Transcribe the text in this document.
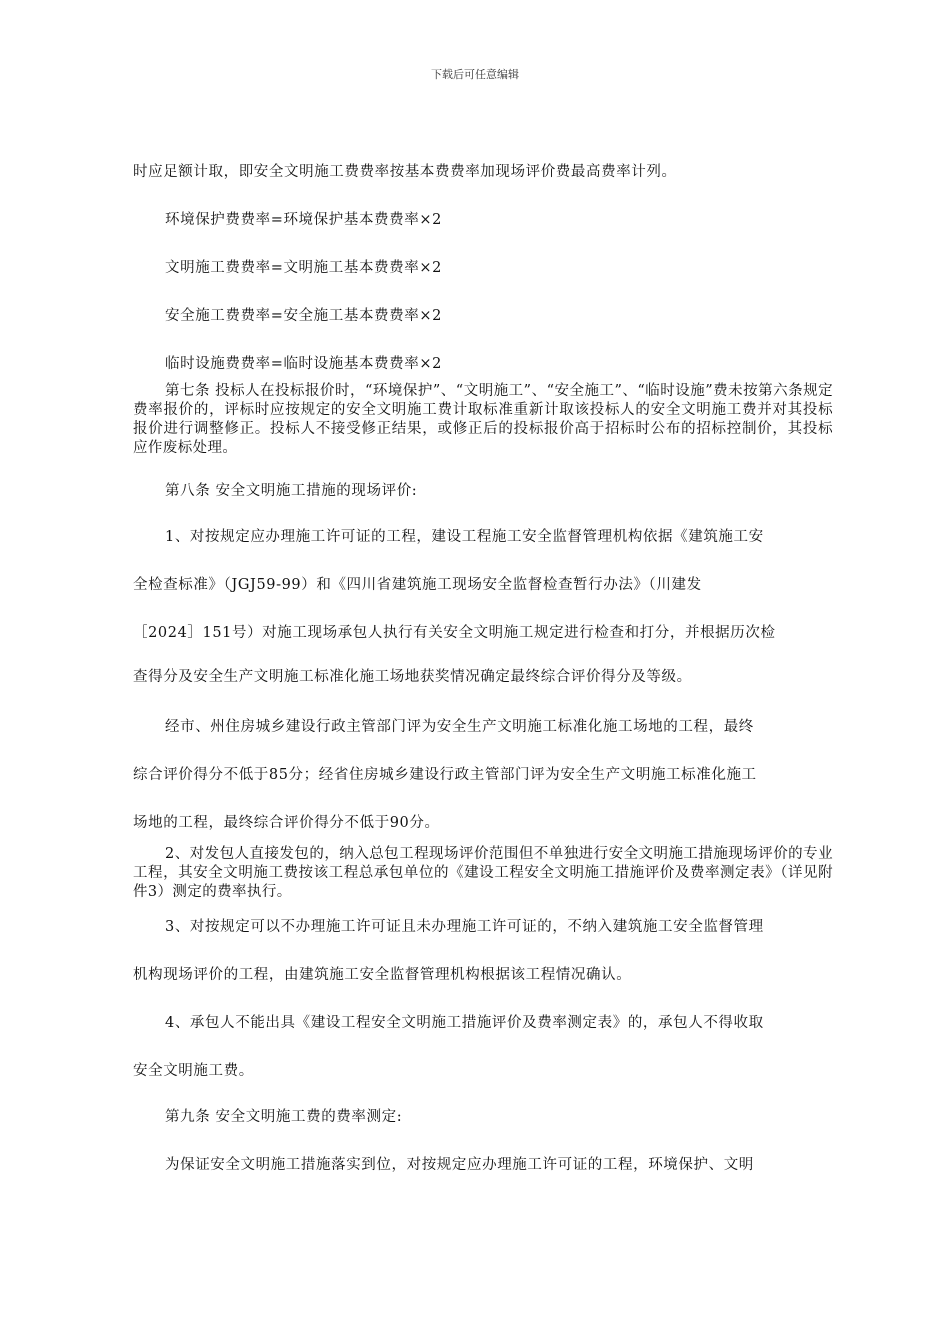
下载后可任意编辑
时应足额计取，即安全文明施工费费率按基本费费率加现场评价费最高费率计列。
环境保护费费率=环境保护基本费费率×2
文明施工费费率=文明施工基本费费率×2
安全施工费费率=安全施工基本费费率×2
临时设施费费率=临时设施基本费费率×2
第七条 投标人在投标报价时，“环境保护”、“文明施工”、“安全施工”、“临时设施”费未按第六条规定费率报价的，评标时应按规定的安全文明施工费计取标准重新计取该投标人的安全文明施工费并对其投标报价进行调整修正。投标人不接受修正结果，或修正后的投标报价高于招标时公布的招标控制价，其投标应作废标处理。
第八条 安全文明施工措施的现场评价:
1、对按规定应办理施工许可证的工程，建设工程施工安全监督管理机构依据《建筑施工安
全检查标准》（JGJ59-99）和《四川省建筑施工现场安全监督检查暂行办法》（川建发
［2024］151号）对施工现场承包人执行有关安全文明施工规定进行检查和打分，并根据历次检
查得分及安全生产文明施工标准化施工场地获奖情况确定最终综合评价得分及等级。
经市、州住房城乡建设行政主管部门评为安全生产文明施工标准化施工场地的工程，最终
综合评价得分不低于85分；经省住房城乡建设行政主管部门评为安全生产文明施工标准化施工
场地的工程，最终综合评价得分不低于90分。
2、对发包人直接发包的，纳入总包工程现场评价范围但不单独进行安全文明施工措施现场评价的专业工程，其安全文明施工费按该工程总承包单位的《建设工程安全文明施工措施评价及费率测定表》（详见附件3）测定的费率执行。
3、对按规定可以不办理施工许可证且未办理施工许可证的，不纳入建筑施工安全监督管理
机构现场评价的工程，由建筑施工安全监督管理机构根据该工程情况确认。
4、承包人不能出具《建设工程安全文明施工措施评价及费率测定表》的，承包人不得收取
安全文明施工费。
第九条 安全文明施工费的费率测定:
为保证安全文明施工措施落实到位，对按规定应办理施工许可证的工程，环境保护、文明
